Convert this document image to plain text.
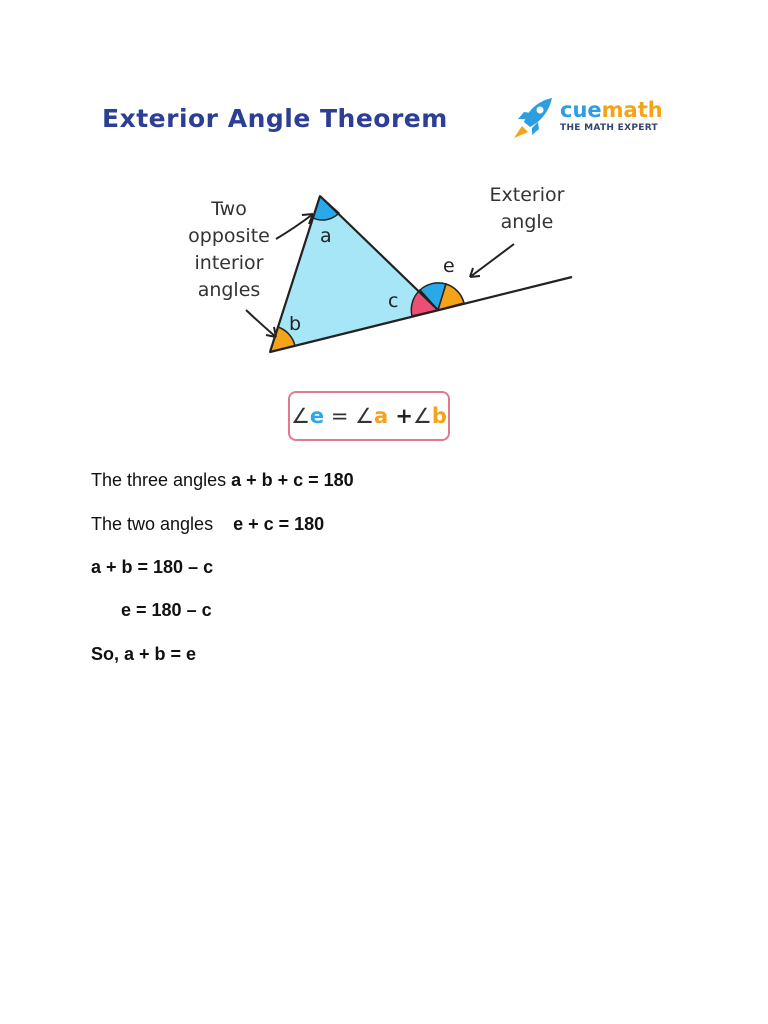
Exterior Angle Theorem	cuemath
THE MATH EXPERT
Two
opposite
interior
angles
Exterior
angle
a
b
c
e
∠ e = ∠ a + ∠ b
The three angles a + b + c = 180
The two angles    e + c = 180
a + b = 180 – c
e = 180 – c
So, a + b = e
